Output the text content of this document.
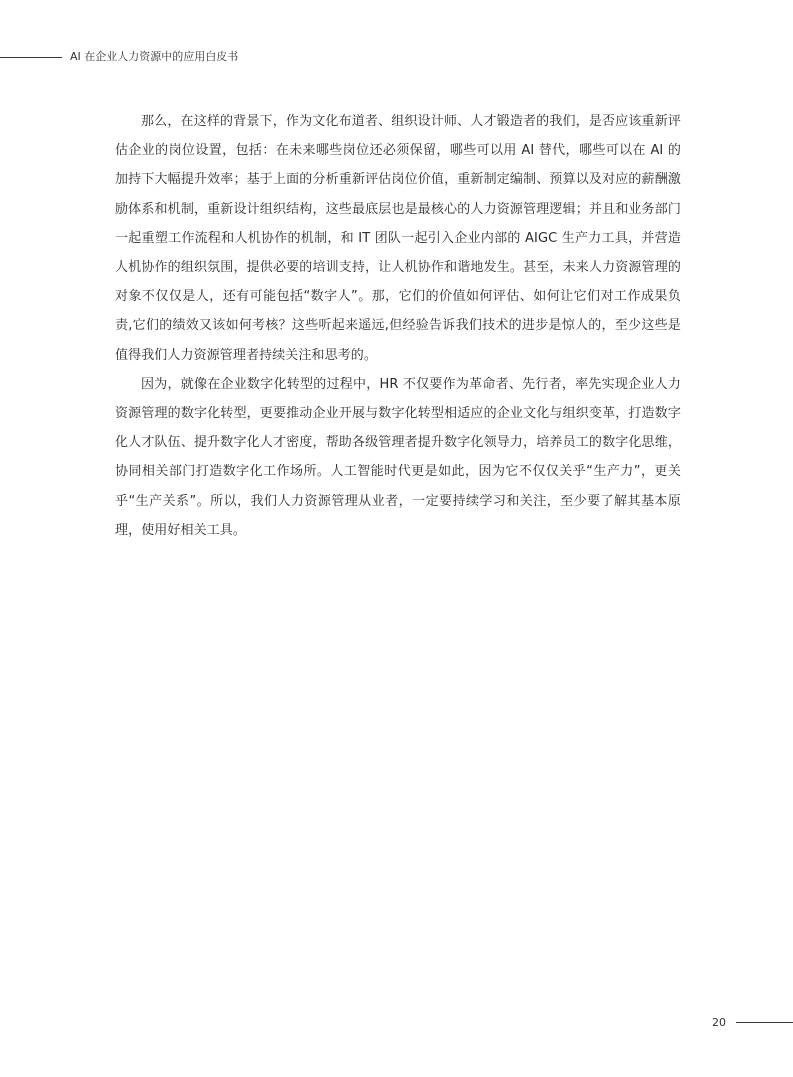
AI 在企业人力资源中的应用白皮书

那么，在这样的背景下，作为文化布道者、组织设计师、人才锻造者的我们，是否应该重新评估企业的岗位设置，包括：在未来哪些岗位还必须保留，哪些可以用 AI 替代，哪些可以在 AI 的加持下大幅提升效率；基于上面的分析重新评估岗位价值，重新制定编制、预算以及对应的薪酬激励体系和机制，重新设计组织结构，这些最底层也是最核心的人力资源管理逻辑；并且和业务部门一起重塑工作流程和人机协作的机制，和 IT 团队一起引入企业内部的 AIGC 生产力工具，并营造人机协作的组织氛围，提供必要的培训支持，让人机协作和谐地发生。甚至，未来人力资源管理的对象不仅仅是人，还有可能包括“数字人”。那，它们的价值如何评估、如何让它们对工作成果负责,它们的绩效又该如何考核？这些听起来遥远,但经验告诉我们技术的进步是惊人的，至少这些是值得我们人力资源管理者持续关注和思考的。

因为，就像在企业数字化转型的过程中，HR 不仅要作为革命者、先行者，率先实现企业人力资源管理的数字化转型，更要推动企业开展与数字化转型相适应的企业文化与组织变革，打造数字化人才队伍、提升数字化人才密度，帮助各级管理者提升数字化领导力，培养员工的数字化思维，协同相关部门打造数字化工作场所。人工智能时代更是如此，因为它不仅仅关乎“生产力”，更关乎“生产关系”。所以，我们人力资源管理从业者，一定要持续学习和关注，至少要了解其基本原理，使用好相关工具。

20
